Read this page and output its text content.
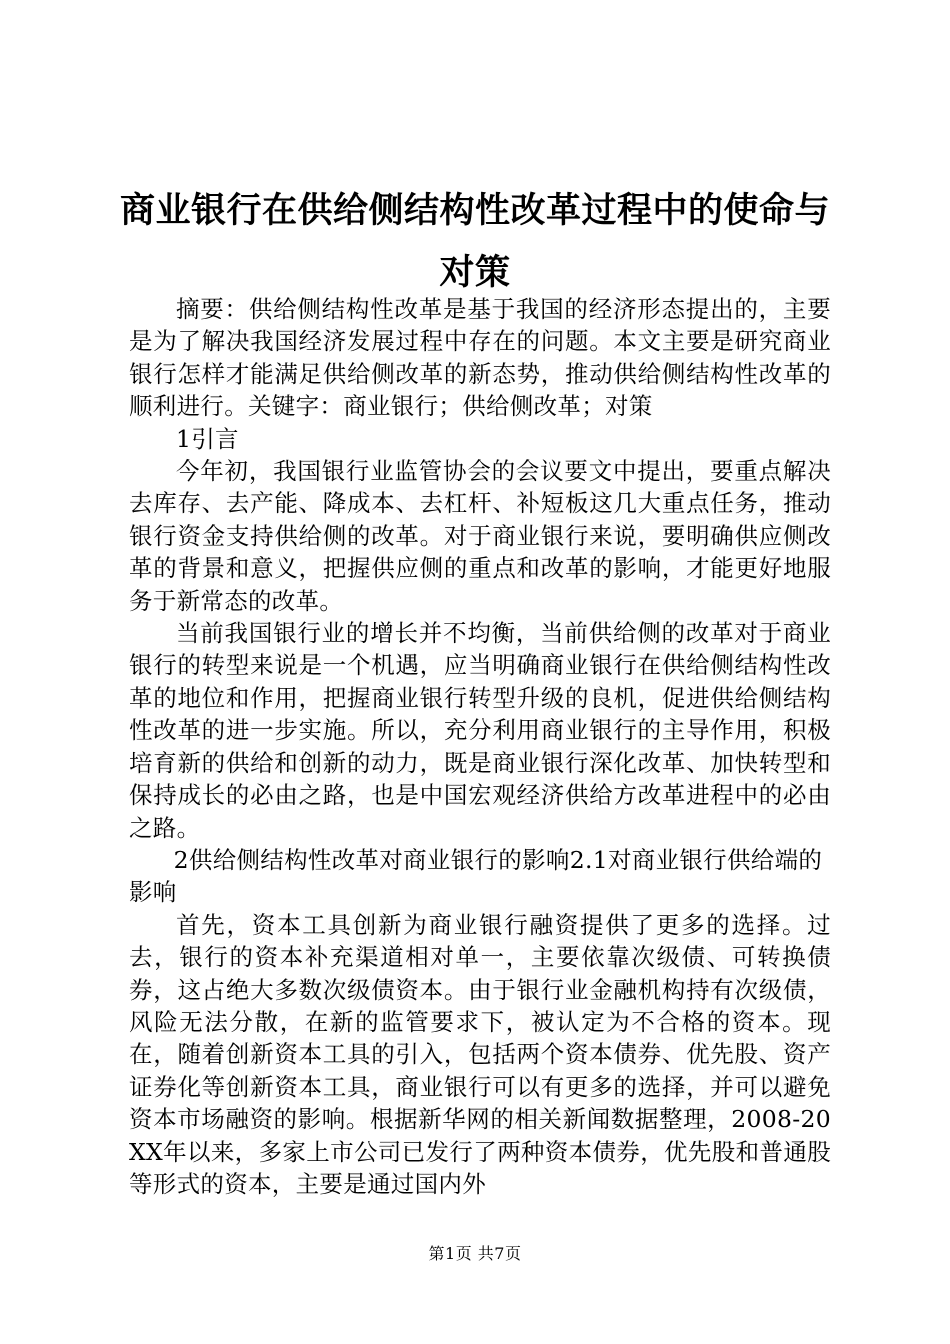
商业银行在供给侧结构性改革过程中的使命与对策

摘要：供给侧结构性改革是基于我国的经济形态提出的，主要是为了解决我国经济发展过程中存在的问题。本文主要是研究商业银行怎样才能满足供给侧改革的新态势，推动供给侧结构性改革的顺利进行。关键字：商业银行；供给侧改革；对策

1引言

今年初，我国银行业监管协会的会议要文中提出，要重点解决去库存、去产能、降成本、去杠杆、补短板这几大重点任务，推动银行资金支持供给侧的改革。对于商业银行来说，要明确供应侧改革的背景和意义，把握供应侧的重点和改革的影响，才能更好地服务于新常态的改革。

当前我国银行业的增长并不均衡，当前供给侧的改革对于商业银行的转型来说是一个机遇，应当明确商业银行在供给侧结构性改革的地位和作用，把握商业银行转型升级的良机，促进供给侧结构性改革的进一步实施。所以，充分利用商业银行的主导作用，积极培育新的供给和创新的动力，既是商业银行深化改革、加快转型和保持成长的必由之路，也是中国宏观经济供给方改革进程中的必由之路。

2供给侧结构性改革对商业银行的影响2.1对商业银行供给端的影响

首先，资本工具创新为商业银行融资提供了更多的选择。过去，银行的资本补充渠道相对单一，主要依靠次级债、可转换债券，这占绝大多数次级债资本。由于银行业金融机构持有次级债，风险无法分散，在新的监管要求下，被认定为不合格的资本。现在，随着创新资本工具的引入，包括两个资本债券、优先股、资产证券化等创新资本工具，商业银行可以有更多的选择，并可以避免资本市场融资的影响。根据新华网的相关新闻数据整理，2008-20XX年以来，多家上市公司已发行了两种资本债券，优先股和普通股等形式的资本，主要是通过国内外

第1页 共7页
